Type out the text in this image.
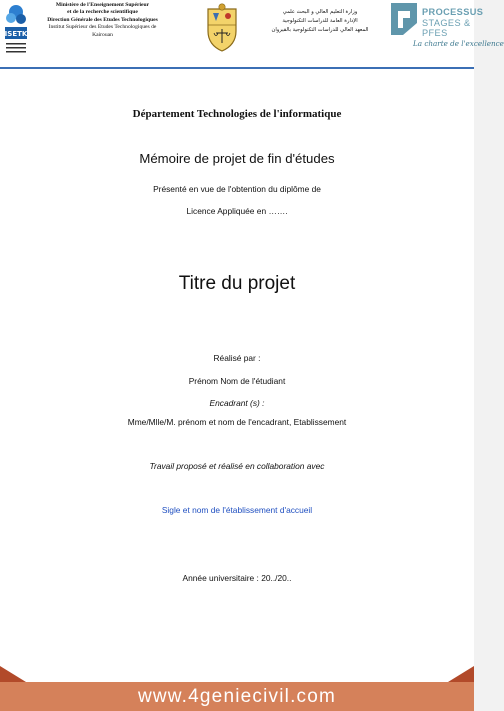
ISETK
Ministère de l'Enseignement Supérieur
et de la recherche scientifique
Direction Générale des Etudes Technologiques
Institut Supérieur des Etudes Technologiques de
Kairouan
وزارة التعليم العالي و البحث علمي
الإدارة العامة للدراسات التكنولوجية
المعهد العالي للدراسات التكنولوجية بالقيروان
PROCESSUS
STAGES & PFES
La charte de l'excellence
Département Technologies de l'informatique
Mémoire de projet de fin d'études
Présenté en vue de l'obtention du diplôme de
Licence Appliquée en …….
Titre du projet
Réalisé par :
Prénom Nom de l'étudiant
Encadrant (s) :
Mme/Mlle/M. prénom et nom de l'encadrant, Etablissement
Travail proposé et réalisé en collaboration avec
Sigle et nom de l'établissement d'accueil
Année universitaire : 20../20..
www.4geniecivil.com
